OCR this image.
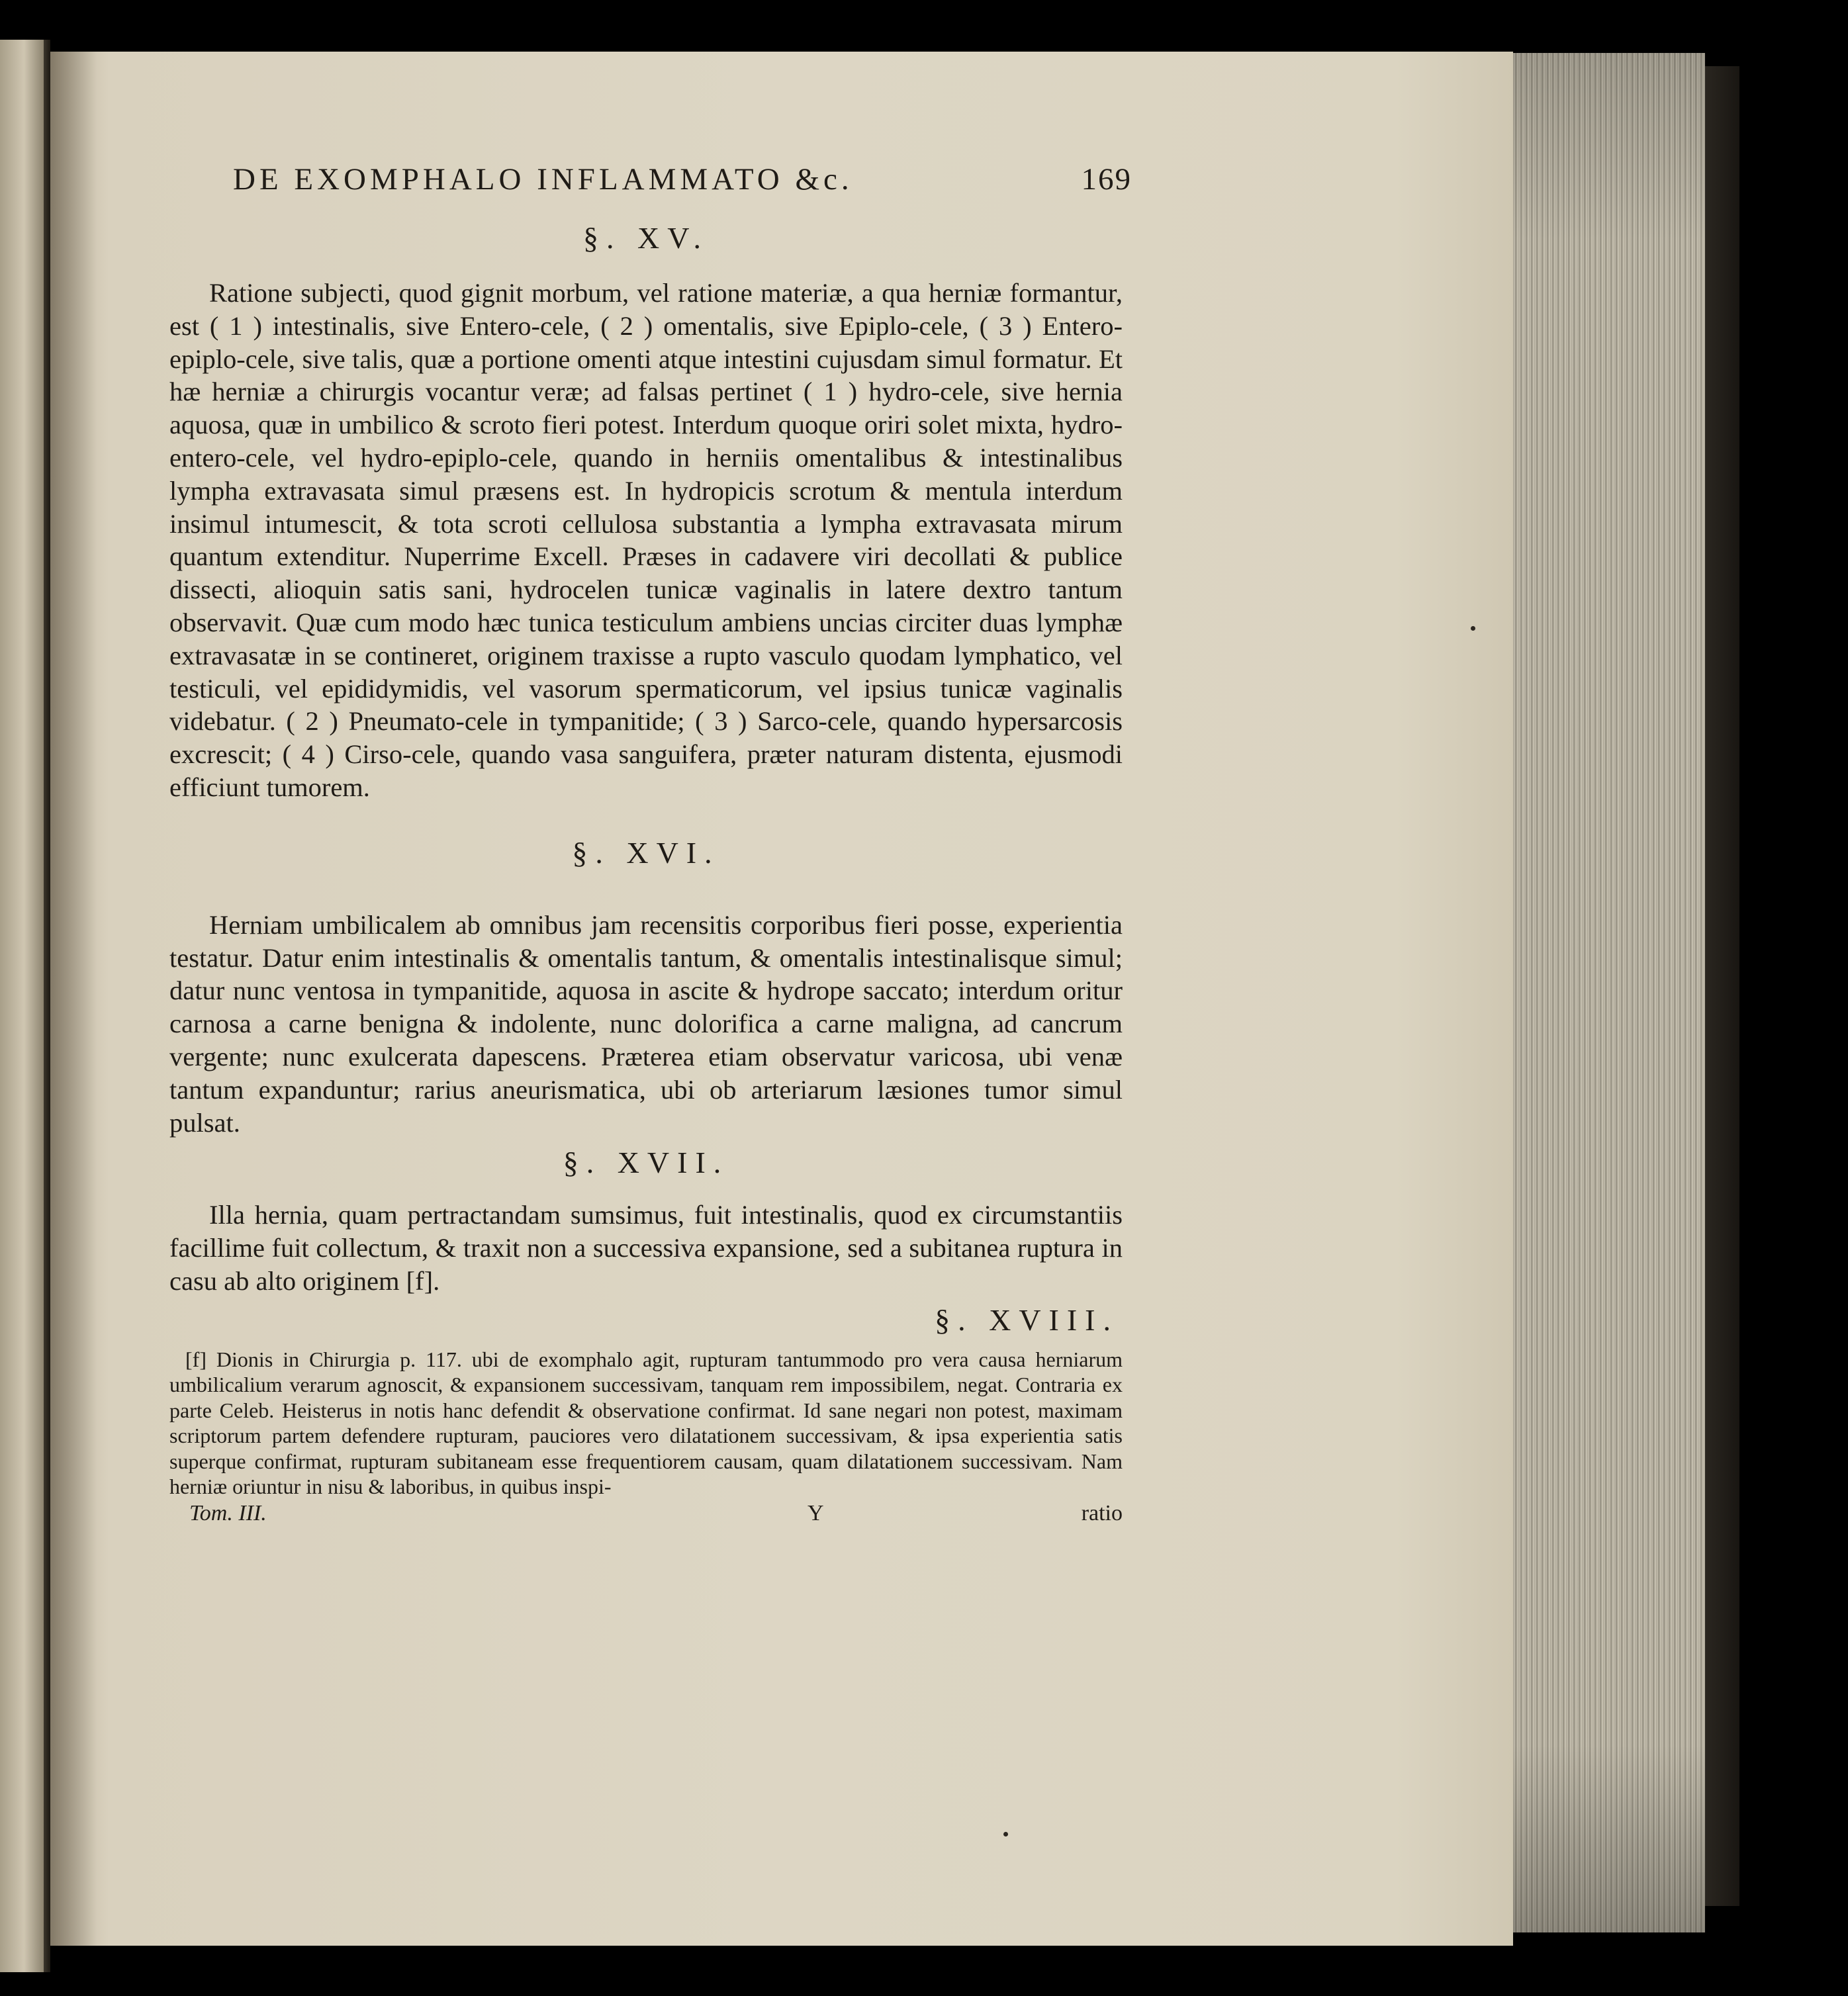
DE EXOMPHALO INFLAMMATO &c.	169

§. XV.

Ratione subjecti, quod gignit morbum, vel ratione materiæ, a qua herniæ formantur, est ( 1 ) intestinalis, sive Entero-cele, ( 2 ) omentalis, sive Epiplo-cele, ( 3 ) Entero-epiplo-cele, sive talis, quæ a portione omenti atque intestini cujusdam simul formatur. Et hæ herniæ a chirurgis vocantur veræ; ad falsas pertinet ( 1 ) hydro-cele, sive hernia aquosa, quæ in umbilico & scroto fieri potest. Interdum quoque oriri solet mixta, hydro-entero-cele, vel hydro-epiplo-cele, quando in herniis omentalibus & intestinalibus lympha extravasata simul præsens est. In hydropicis scrotum & mentula interdum insimul intumescit, & tota scroti cellulosa substantia a lympha extravasata mirum quantum extenditur. Nuperrime Excell. Præses in cadavere viri decollati & publice dissecti, alioquin satis sani, hydrocelen tunicæ vaginalis in latere dextro tantum observavit. Quæ cum modo hæc tunica testiculum ambiens uncias circiter duas lymphæ extravasatæ in se contineret, originem traxisse a rupto vasculo quodam lymphatico, vel testiculi, vel epididymidis, vel vasorum spermaticorum, vel ipsius tunicæ vaginalis videbatur. ( 2 ) Pneumato-cele in tympanitide; ( 3 ) Sarco-cele, quando hypersarcosis excrescit; ( 4 ) Cirso-cele, quando vasa sanguifera, præter naturam distenta, ejusmodi efficiunt tumorem.

§. XVI.

Herniam umbilicalem ab omnibus jam recensitis corporibus fieri posse, experientia testatur. Datur enim intestinalis & omentalis tantum, & omentalis intestinalisque simul; datur nunc ventosa in tympanitide, aquosa in ascite & hydrope saccato; interdum oritur carnosa a carne benigna & indolente, nunc dolorifica a carne maligna, ad cancrum vergente; nunc exulcerata dapescens. Præterea etiam observatur varicosa, ubi venæ tantum expanduntur; rarius aneurismatica, ubi ob arteriarum læsiones tumor simul pulsat.

§. XVII.

Illa hernia, quam pertractandam sumsimus, fuit intestinalis, quod ex circumstantiis facillime fuit collectum, & traxit non a successiva expansione, sed a subitanea ruptura in casu ab alto originem [f].

§. XVIII.

[f] Dionis in Chirurgia p. 117. ubi de exomphalo agit, rupturam tantummodo pro vera causa herniarum umbilicalium verarum agnoscit, & expansionem successivam, tanquam rem impossibilem, negat. Contraria ex parte Celeb. Heisterus in notis hanc defendit & observatione confirmat. Id sane negari non potest, maximam scriptorum partem defendere rupturam, pauciores vero dilatationem successivam, & ipsa experientia satis superque confirmat, rupturam subitaneam esse frequentiorem causam, quam dilatationem successivam. Nam herniæ oriuntur in nisu & laboribus, in quibus inspi-

Tom. III.	Y	ratio
